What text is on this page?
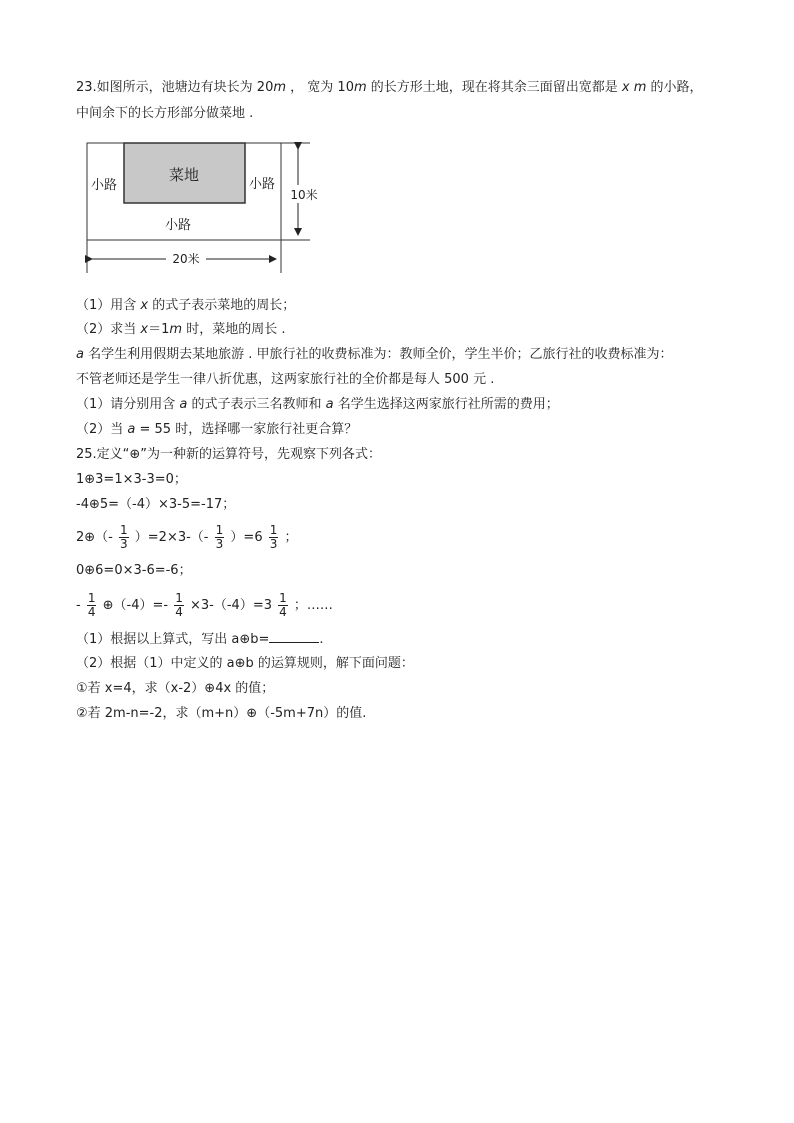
23.如图所示，池塘边有块长为 20m ， 宽为 10m 的长方形土地，现在将其余三面留出宽都是 x m 的小路，
中间余下的长方形部分做菜地 .
菜地
小路	小路
小路
10米
20米
（1）用含 x 的式子表示菜地的周长；
（2）求当 x＝1m 时，菜地的周长 .
a 名学生利用假期去某地旅游 . 甲旅行社的收费标准为：教师全价，学生半价；乙旅行社的收费标准为：
不管老师还是学生一律八折优惠，这两家旅行社的全价都是每人 500 元 .
（1）请分别用含 a 的式子表示三名教师和 a 名学生选择这两家旅行社所需的费用；
（2）当 a = 55 时，选择哪一家旅行社更合算？
25.定义“⊕”为一种新的运算符号，先观察下列各式：
1⊕3=1×3-3=0；
-4⊕5=（-4）×3-5=-17；
2⊕（- $\frac{1}{3} )=2\times 3-(- \frac{1}{3} )=6 \frac{1}{3}$ ；
0⊕6=0×3-6=-6；
- $\frac{1}{4}$ ⊕（-4）=- $\frac{1}{4} \times 3-(-4)=3 \frac{1}{4}$ ；……
（1）根据以上算式，写出 a⊕b=	.
（2）根据（1）中定义的 a⊕b 的运算规则，解下面问题：
①若 x=4，求（x-2）⊕4x 的值；
②若 2m-n=-2，求（m+n）⊕（-5m+7n）的值.
